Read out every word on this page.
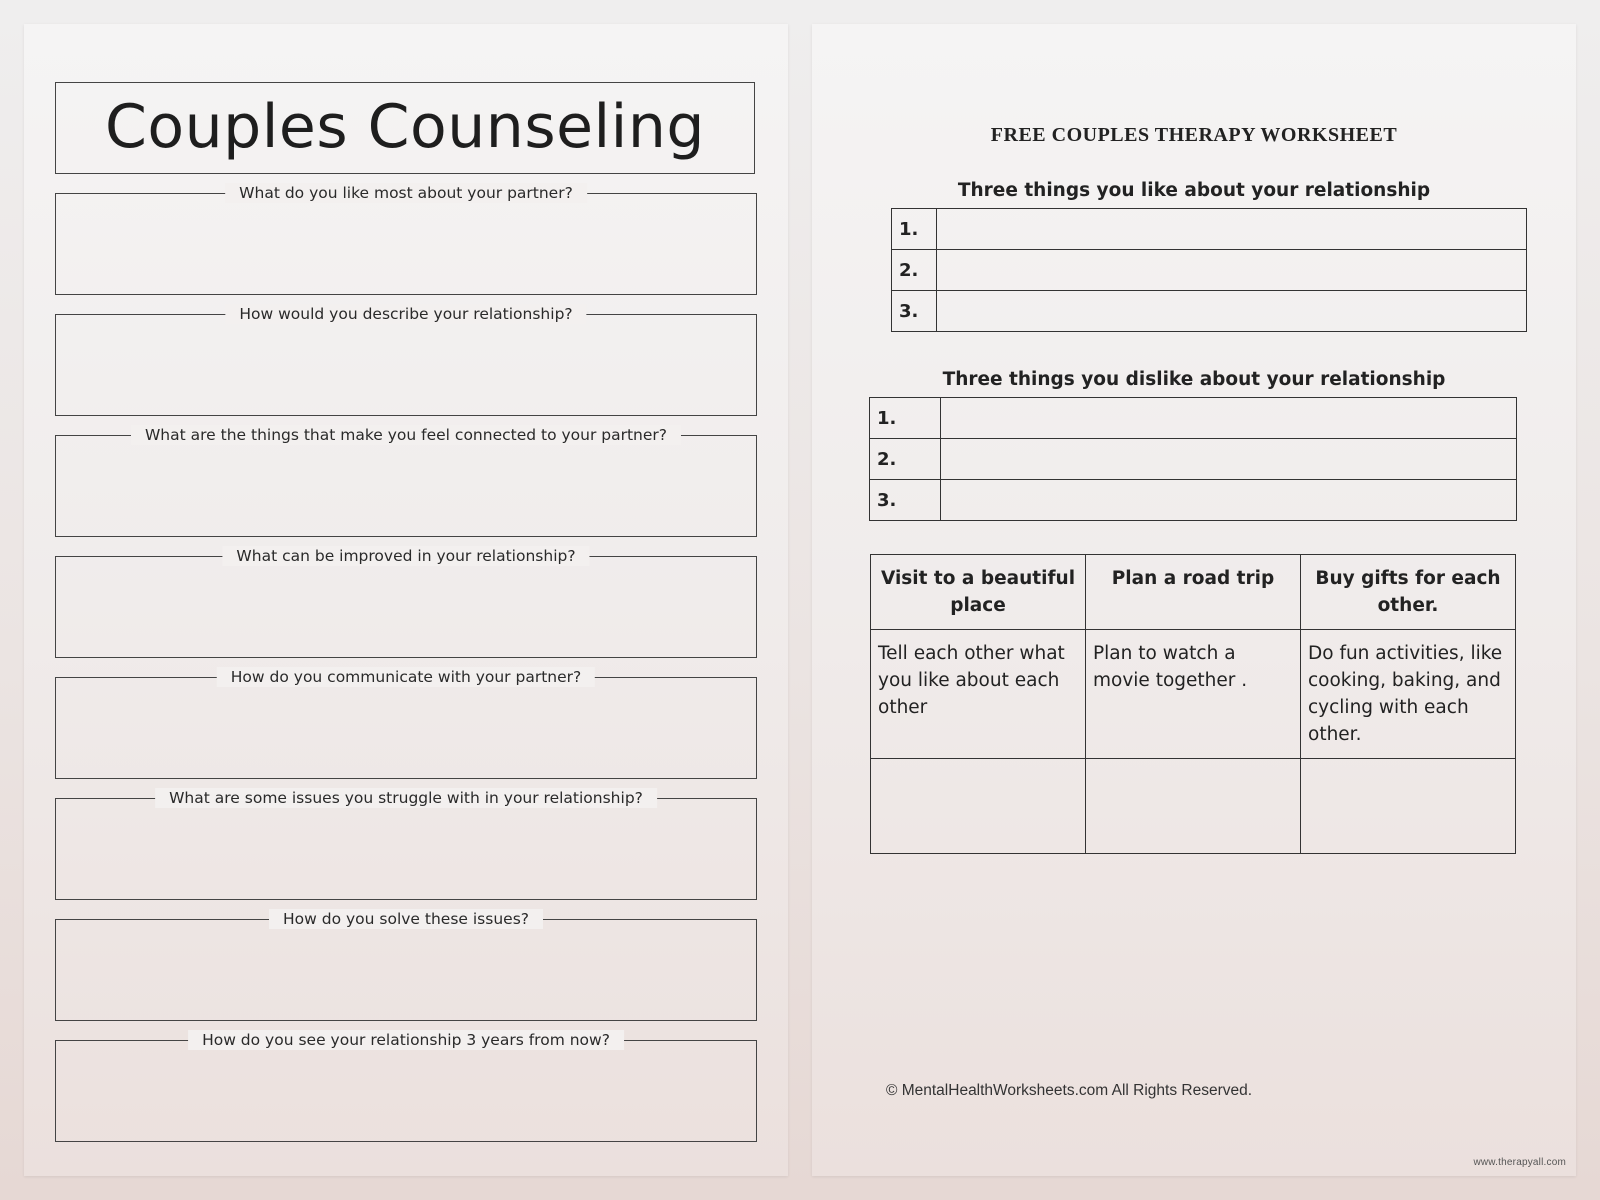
Couples Counseling
What do you like most about your partner?
How would you describe your relationship?
What are the things that make you feel connected to your partner?
What can be improved in your relationship?
How do you communicate with your partner?
What are some issues you struggle with in your relationship?
How do you solve these issues?
How do you see your relationship 3 years from now?
FREE COUPLES THERAPY WORKSHEET
Three things you like about your relationship
1.	
2.	
3.	
Three things you dislike about your relationship
1.	
2.	
3.	
Visit to a beautiful place	Plan a road trip	Buy gifts for each other.
Tell each other what you like about each other	Plan to watch a movie together .	Do fun activities, like cooking, baking, and cycling with each other.

© MentalHealthWorksheets.com All Rights Reserved.
www.therapyall.com
